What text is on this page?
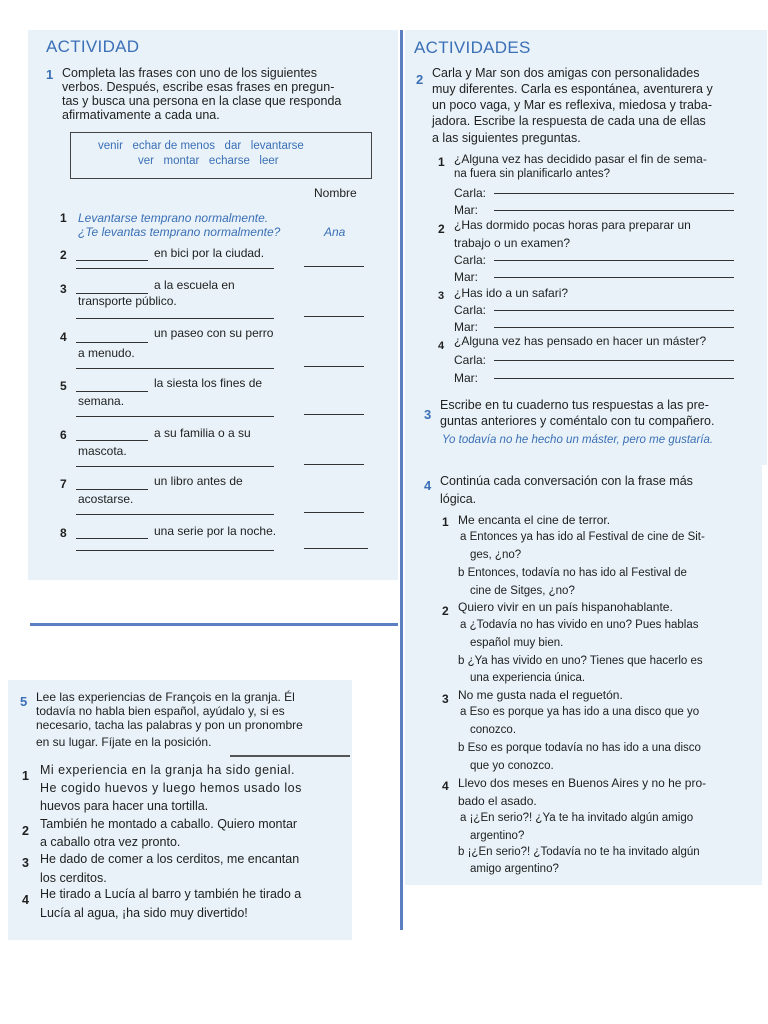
ACTIVIDAD
1 Completa las frases con uno de los siguientes
verbos. Después, escribe esas frases en pregun-
tas y busca una persona en la clase que responda
afirmativamente a cada una.
venir   echar de menos   dar   levantarse
ver   montar   echarse   leer
Nombre
1 Levantarse temprano normalmente.
¿Te levantas temprano normalmente?	Ana
2	en bici por la ciudad.
3	a la escuela en
transporte público.
4	un paseo con su perro
a menudo.
5	la siesta los fines de
semana.
6	a su familia o a su
mascota.
7	un libro antes de
acostarse.
8	una serie por la noche.
5 Lee las experiencias de François en la granja. Él
todavía no habla bien español, ayúdalo y, si es
necesario, tacha las palabras y pon un pronombre
en su lugar. Fíjate en la posición.
1 Mi experiencia en la granja ha sido genial.
He cogido huevos y luego hemos usado los
huevos para hacer una tortilla.
2 También he montado a caballo. Quiero montar
a caballo otra vez pronto.
3 He dado de comer a los cerditos, me encantan
los cerditos.
4 He tirado a Lucía al barro y también he tirado a
Lucía al agua, ¡ha sido muy divertido!
ACTIVIDADES
2 Carla y Mar son dos amigas con personalidades
muy diferentes. Carla es espontánea, aventurera y
un poco vaga, y Mar es reflexiva, miedosa y traba-
jadora. Escribe la respuesta de cada una de ellas
a las siguientes preguntas.
1 ¿Alguna vez has decidido pasar el fin de sema-
na fuera sin planificarlo antes?
Carla:
Mar:
2 ¿Has dormido pocas horas para preparar un
trabajo o un examen?
Carla:
Mar:
3 ¿Has ido a un safari?
Carla:
Mar:
4 ¿Alguna vez has pensado en hacer un máster?
Carla:
Mar:
3
Escribe en tu cuaderno tus respuestas a las pre-
guntas anteriores y coméntalo con tu compañero.
Yo todavía no he hecho un máster, pero me gustaría.
4 Continúa cada conversación con la frase más
lógica.
1 Me encanta el cine de terror.
a Entonces ya has ido al Festival de cine de Sit-
ges, ¿no?
b Entonces, todavía no has ido al Festival de
cine de Sitges, ¿no?
2 Quiero vivir en un país hispanohablante.
a ¿Todavía no has vivido en uno? Pues hablas
español muy bien.
b ¿Ya has vivido en uno? Tienes que hacerlo es
una experiencia única.
3 No me gusta nada el reguetón.
a Eso es porque ya has ido a una disco que yo
conozco.
b Eso es porque todavía no has ido a una disco
que yo conozco.
4 Llevo dos meses en Buenos Aires y no he pro-
bado el asado.
a ¡¿En serio?! ¿Ya te ha invitado algún amigo
argentino?
b ¡¿En serio?! ¿Todavía no te ha invitado algún
amigo argentino?
